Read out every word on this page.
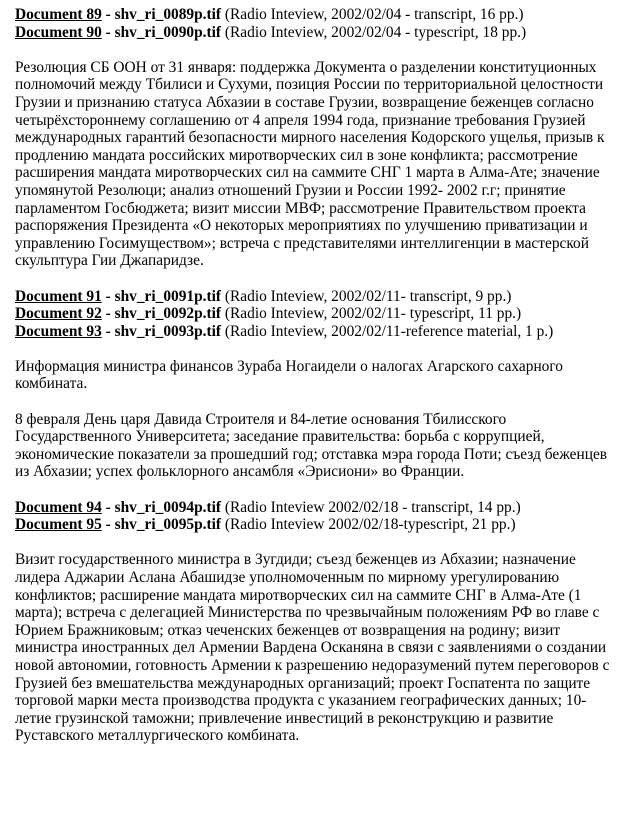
Document 89 - shv_ri_0089p.tif (Radio Inteview, 2002/02/04 - transcript, 16 pp.)
Document 90 - shv_ri_0090p.tif (Radio Inteview, 2002/02/04 - typescript, 18 pp.)

Резолюция СБ ООН от 31 января: поддержка Документа о разделении конституционных полномочий между Тбилиси и Сухуми, позиция России по территориальной целостности Грузии и признанию статуса Абхазии в составе Грузии, возвращение беженцев согласно четырёхстороннему соглашению от 4 апреля 1994 года, признание требования Грузией международных гарантий безопасности мирного населения Кодорского ущелья, призыв к продлению мандата российских миротворческих сил в зоне конфликта; рассмотрение расширения мандата миротворческих сил на саммите СНГ 1 марта в Алма-Ате; значение упомянутой Резолюци; анализ отношений Грузии и России 1992- 2002 г.г; принятие парламентом Госбюджета; визит миссии МВФ; рассмотрение Правительством проекта распоряжения Президента «О некоторых мероприятиях по улучшению приватизации и управлению Госимуществом»; встреча с представителями интеллигенции в мастерской скульптура Гии Джапаридзе.

Document 91 - shv_ri_0091p.tif (Radio Inteview, 2002/02/11- transcript, 9 pp.)
Document 92 - shv_ri_0092p.tif (Radio Inteview, 2002/02/11- typescript, 11 pp.)
Document 93 - shv_ri_0093p.tif (Radio Inteview, 2002/02/11-reference material, 1 p.)

Информация министра финансов Зураба Ногаидели о налогах Агарского сахарного комбината.

8 февраля День царя Давида Строителя и 84-летие основания Тбилисского Государственного Университета; заседание правительства: борьба с коррупцией, экономические показатели за прошедший год; отставка мэра города Поти; съезд беженцев из Абхазии; успех фольклорного ансамбля «Эрисиони» во Франции.

Document 94 - shv_ri_0094p.tif (Radio Inteview 2002/02/18 - transcript, 14 pp.)
Document 95 - shv_ri_0095p.tif (Radio Inteview 2002/02/18-typescript, 21 pp.)

Визит государственного министра в Зугдиди; съезд беженцев из Абхазии; назначение лидера Аджарии Аслана Абашидзе уполномоченным по мирному урегулированию конфликтов; расширение мандата миротворческих сил на саммите СНГ в Алма-Ате (1 марта); встреча с делегацией Министерства по чрезвычайным положениям РФ во главе с Юрием Бражниковым; отказ чеченских беженцев от возвращения на родину; визит министра иностранных дел Армении Вардена Осканяна в связи с заявлениями о создании новой автономии, готовность Армении к разрешению недоразумений путем переговоров с Грузией без вмешательства международных организаций; проект Госпатента по защите торговой марки места производства продукта с указанием географических данных; 10-летие грузинской таможни; привлечение инвестиций в реконструкцию и развитие Руставского металлургического комбината.
